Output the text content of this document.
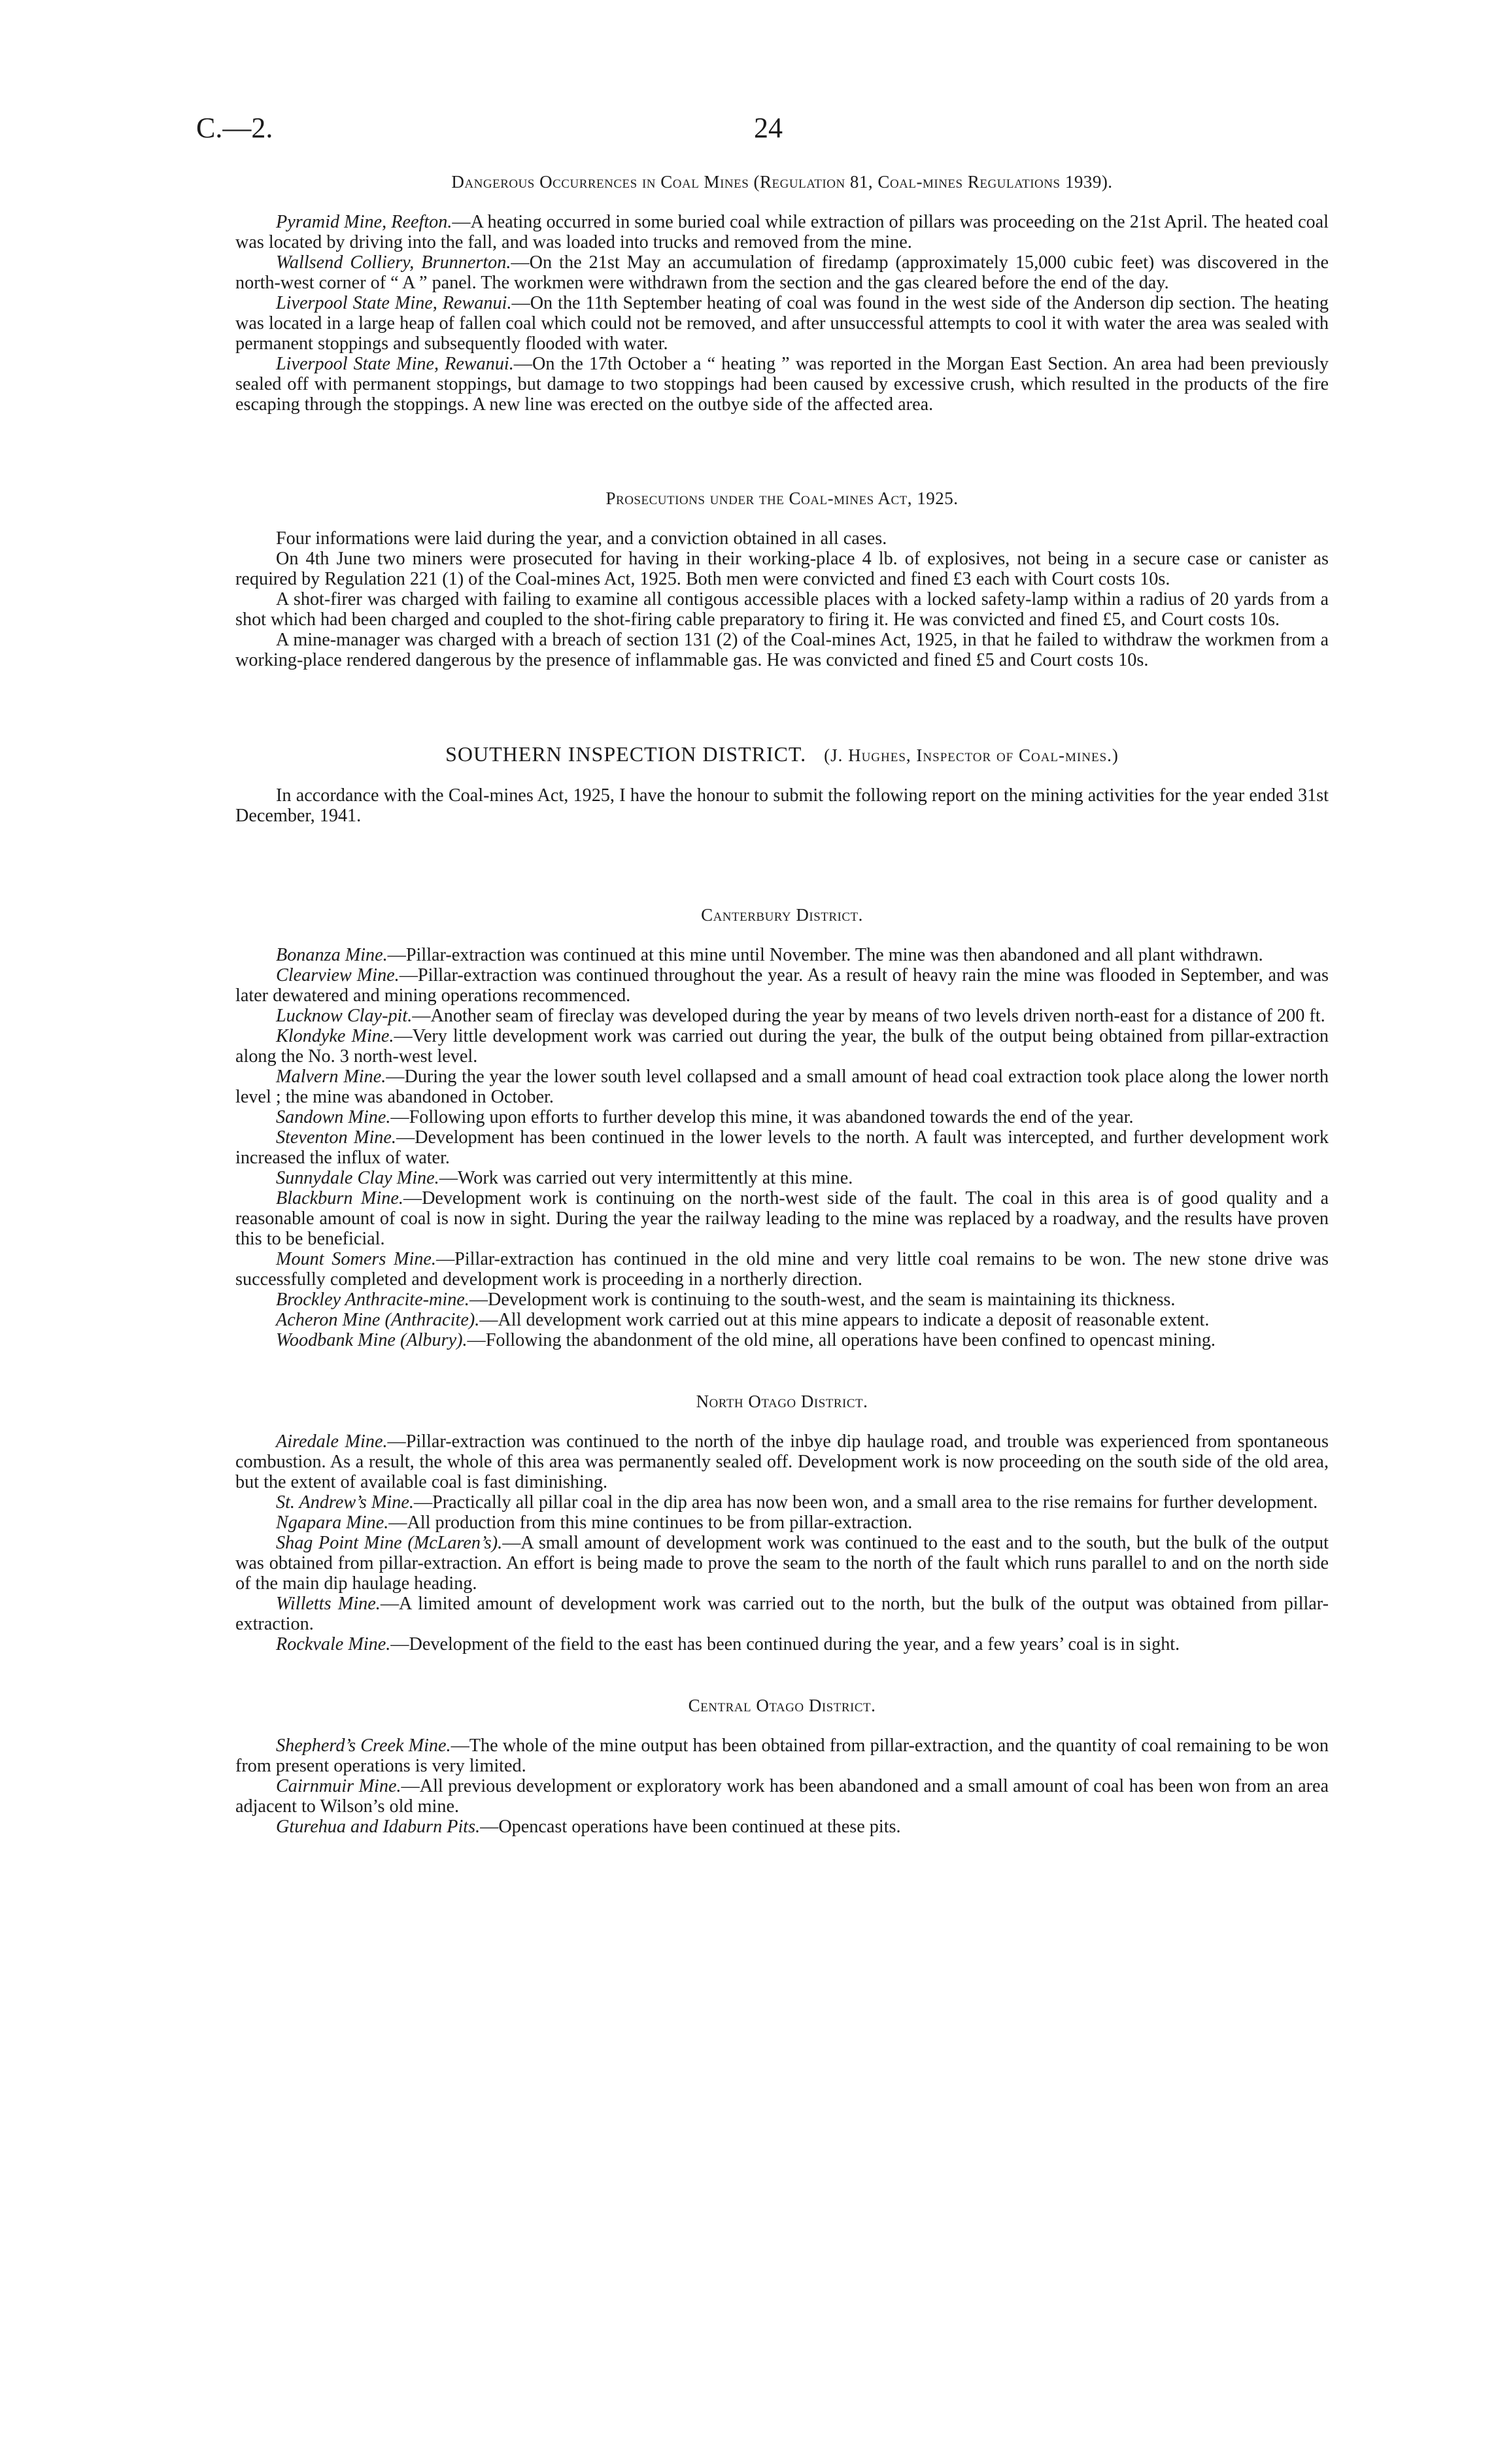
C.—2.	24
Dangerous Occurrences in Coal Mines (Regulation 81, Coal-mines Regulations 1939).

Pyramid Mine, Reefton.—A heating occurred in some buried coal while extraction of pillars was proceeding on the 21st April. The heated coal was located by driving into the fall, and was loaded into trucks and removed from the mine.

Wallsend Colliery, Brunnerton.—On the 21st May an accumulation of firedamp (approximately 15,000 cubic feet) was discovered in the north-west corner of “ A ” panel. The workmen were withdrawn from the section and the gas cleared before the end of the day.

Liverpool State Mine, Rewanui.—On the 11th September heating of coal was found in the west side of the Anderson dip section. The heating was located in a large heap of fallen coal which could not be removed, and after unsuccessful attempts to cool it with water the area was sealed with permanent stoppings and subsequently flooded with water.

Liverpool State Mine, Rewanui.—On the 17th October a “ heating ” was reported in the Morgan East Section. An area had been previously sealed off with permanent stoppings, but damage to two stoppings had been caused by excessive crush, which resulted in the products of the fire escaping through the stoppings. A new line was erected on the outbye side of the affected area.

Prosecutions under the Coal-mines Act, 1925.

Four informations were laid during the year, and a conviction obtained in all cases.

On 4th June two miners were prosecuted for having in their working-place 4 lb. of explosives, not being in a secure case or canister as required by Regulation 221 (1) of the Coal-mines Act, 1925. Both men were convicted and fined £3 each with Court costs 10s.

A shot-firer was charged with failing to examine all contigous accessible places with a locked safety-lamp within a radius of 20 yards from a shot which had been charged and coupled to the shot-firing cable preparatory to firing it. He was convicted and fined £5, and Court costs 10s.

A mine-manager was charged with a breach of section 131 (2) of the Coal-mines Act, 1925, in that he failed to withdraw the workmen from a working-place rendered dangerous by the presence of inflammable gas. He was convicted and fined £5 and Court costs 10s.

SOUTHERN INSPECTION DISTRICT. (J. Hughes, Inspector of Coal-mines.)

In accordance with the Coal-mines Act, 1925, I have the honour to submit the following report on the mining activities for the year ended 31st December, 1941.

Canterbury District.

Bonanza Mine.—Pillar-extraction was continued at this mine until November. The mine was then abandoned and all plant withdrawn.

Clearview Mine.—Pillar-extraction was continued throughout the year. As a result of heavy rain the mine was flooded in September, and was later dewatered and mining operations recommenced.

Lucknow Clay-pit.—Another seam of fireclay was developed during the year by means of two levels driven north-east for a distance of 200 ft.

Klondyke Mine.—Very little development work was carried out during the year, the bulk of the output being obtained from pillar-extraction along the No. 3 north-west level.

Malvern Mine.—During the year the lower south level collapsed and a small amount of head coal extraction took place along the lower north level ; the mine was abandoned in October.

Sandown Mine.—Following upon efforts to further develop this mine, it was abandoned towards the end of the year.

Steventon Mine.—Development has been continued in the lower levels to the north. A fault was intercepted, and further development work increased the influx of water.

Sunnydale Clay Mine.—Work was carried out very intermittently at this mine.

Blackburn Mine.—Development work is continuing on the north-west side of the fault. The coal in this area is of good quality and a reasonable amount of coal is now in sight. During the year the railway leading to the mine was replaced by a roadway, and the results have proven this to be beneficial.

Mount Somers Mine.—Pillar-extraction has continued in the old mine and very little coal remains to be won. The new stone drive was successfully completed and development work is proceeding in a northerly direction.

Brockley Anthracite-mine.—Development work is continuing to the south-west, and the seam is maintaining its thickness.

Acheron Mine (Anthracite).—All development work carried out at this mine appears to indicate a deposit of reasonable extent.

Woodbank Mine (Albury).—Following the abandonment of the old mine, all operations have been confined to opencast mining.

North Otago District.

Airedale Mine.—Pillar-extraction was continued to the north of the inbye dip haulage road, and trouble was experienced from spontaneous combustion. As a result, the whole of this area was permanently sealed off. Development work is now proceeding on the south side of the old area, but the extent of available coal is fast diminishing.

St. Andrew’s Mine.—Practically all pillar coal in the dip area has now been won, and a small area to the rise remains for further development.

Ngapara Mine.—All production from this mine continues to be from pillar-extraction.

Shag Point Mine (McLaren’s).—A small amount of development work was continued to the east and to the south, but the bulk of the output was obtained from pillar-extraction. An effort is being made to prove the seam to the north of the fault which runs parallel to and on the north side of the main dip haulage heading.

Willetts Mine.—A limited amount of development work was carried out to the north, but the bulk of the output was obtained from pillar-extraction.

Rockvale Mine.—Development of the field to the east has been continued during the year, and a few years’ coal is in sight.

Central Otago District.

Shepherd’s Creek Mine.—The whole of the mine output has been obtained from pillar-extraction, and the quantity of coal remaining to be won from present operations is very limited.

Cairnmuir Mine.—All previous development or exploratory work has been abandoned and a small amount of coal has been won from an area adjacent to Wilson’s old mine.

Gturehua and Idaburn Pits.—Opencast operations have been continued at these pits.
